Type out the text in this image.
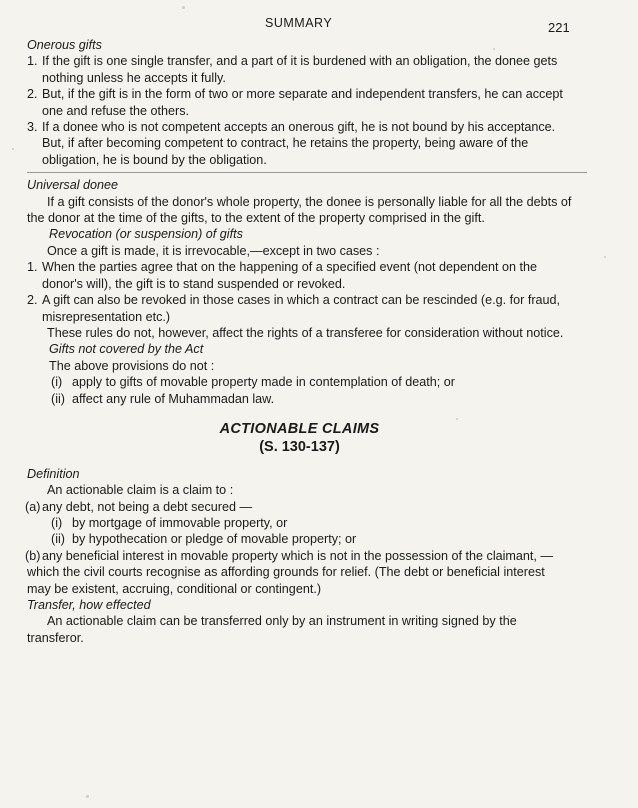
SUMMARY	221

Onerous gifts

1. If the gift is one single transfer, and a part of it is burdened with an obligation, the donee gets nothing unless he accepts it fully.
2. But, if the gift is in the form of two or more separate and independent transfers, he can accept one and refuse the others.
3. If a donee who is not competent accepts an onerous gift, he is not bound by his acceptance. But, if after becoming competent to contract, he retains the property, being aware of the obligation, he is bound by the obligation.

Universal donee

If a gift consists of the donor's whole property, the donee is personally liable for all the debts of the donor at the time of the gifts, to the extent of the property comprised in the gift.

Revocation (or suspension) of gifts

Once a gift is made, it is irrevocable,—except in two cases :

1. When the parties agree that on the happening of a specified event (not dependent on the donor's will), the gift is to stand suspended or revoked.
2. A gift can also be revoked in those cases in which a contract can be rescinded (e.g. for fraud, misrepresentation etc.)

These rules do not, however, affect the rights of a transferee for consideration without notice.

Gifts not covered by the Act

The above provisions do not :

(i) apply to gifts of movable property made in contemplation of death; or
(ii) affect any rule of Muhammadan law.
ACTIONABLE CLAIMS
(S. 130-137)

Definition

An actionable claim is a claim to :

(a) any debt, not being a debt secured —
(i) by mortgage of immovable property, or
(ii) by hypothecation or pledge of movable property; or
(b) any beneficial interest in movable property which is not in the possession of the claimant, —

which the civil courts recognise as affording grounds for relief. (The debt or beneficial interest may be existent, accruing, conditional or contingent.)

Transfer, how effected

An actionable claim can be transferred only by an instrument in writing signed by the transferor.
